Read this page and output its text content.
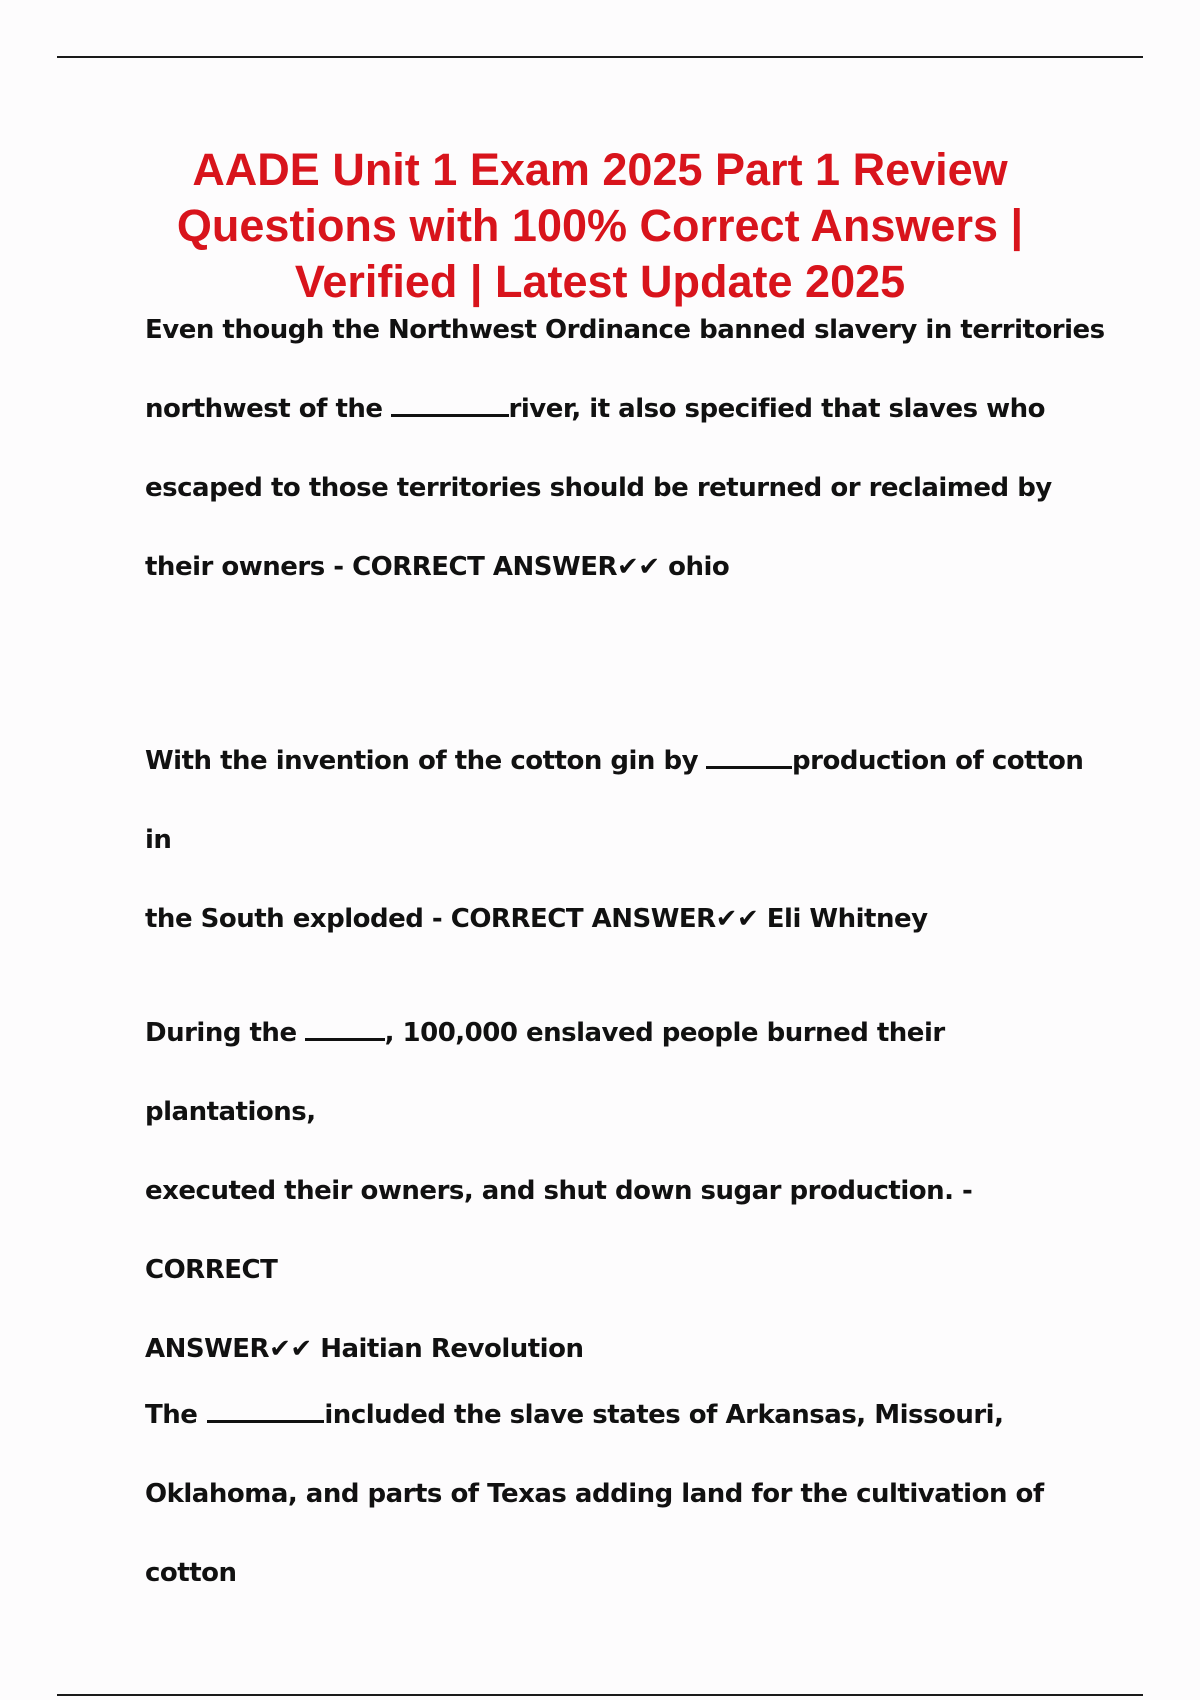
AADE Unit 1 Exam 2025 Part 1 Review
Questions with 100% Correct Answers |
Verified | Latest Update 2025

Even though the Northwest Ordinance banned slavery in territories
northwest of the	river, it also specified that slaves who
escaped to those territories should be returned or reclaimed by
their owners - CORRECT ANSWER✔✔ ohio

With the invention of the cotton gin by	production of cotton in
the South exploded - CORRECT ANSWER✔✔ Eli Whitney

During the	, 100,000 enslaved people burned their plantations,
executed their owners, and shut down sugar production. - CORRECT
ANSWER✔✔ Haitian Revolution

The	included the slave states of Arkansas, Missouri,
Oklahoma, and parts of Texas adding land for the cultivation of cotton
